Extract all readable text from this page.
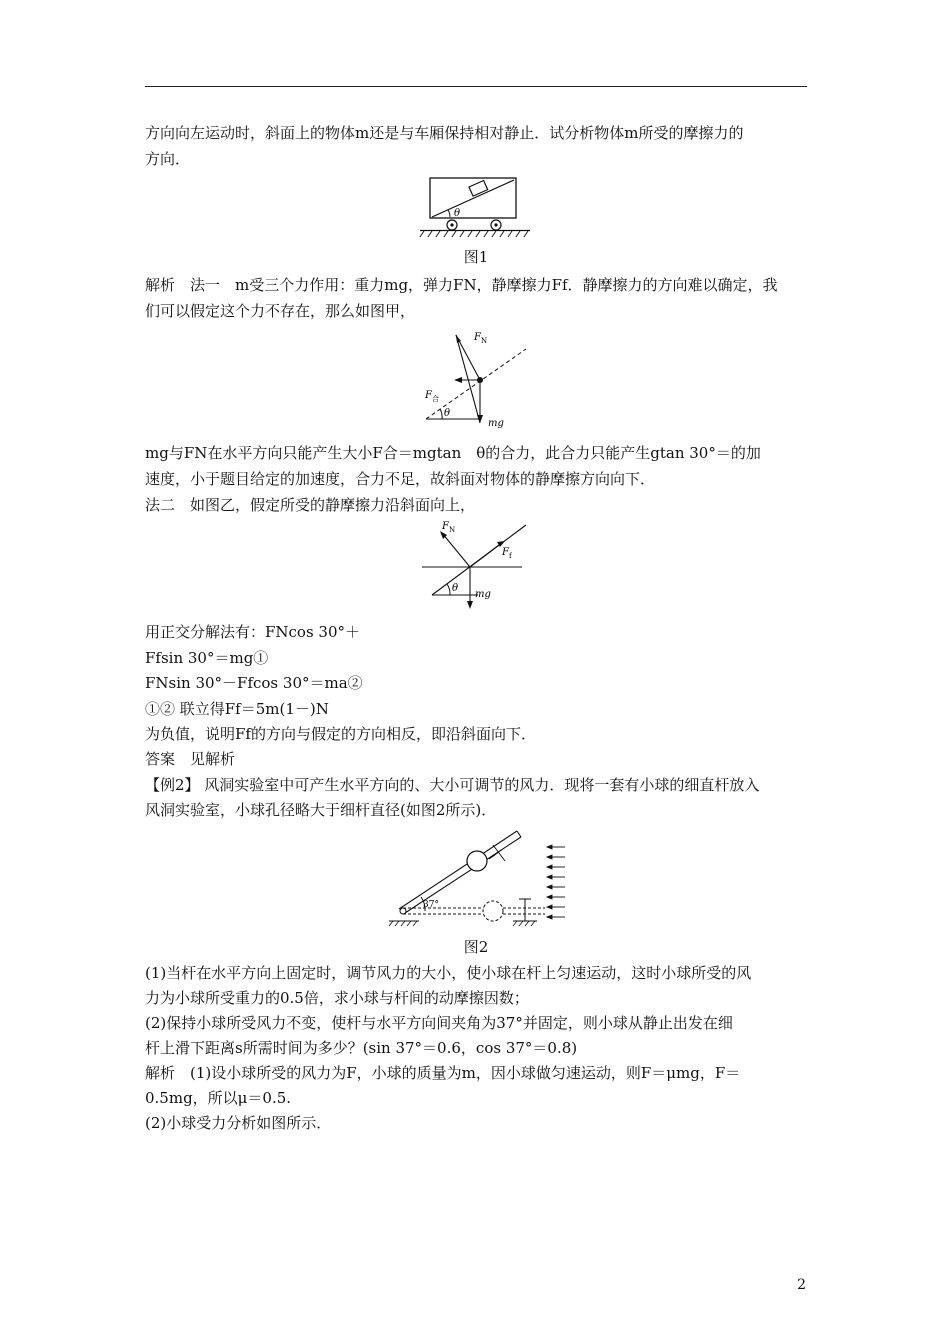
方向向左运动时，斜面上的物体m还是与车厢保持相对静止．试分析物体m所受的摩擦力的
方向．
θ
图1
解析　法一　m受三个力作用：重力mg，弹力FN，静摩擦力Ff．静摩擦力的方向难以确定，我
们可以假定这个力不存在，那么如图甲，
θ
F N
F 合
mg
mg与FN在水平方向只能产生大小F合＝mgtan　θ的合力，此合力只能产生gtan 30°＝的加
速度，小于题目给定的加速度，合力不足，故斜面对物体的静摩擦方向向下．
法二　如图乙，假定所受的静摩擦力沿斜面向上，
θ
F N
F f
mg
用正交分解法有：FNcos 30°＋
Ffsin 30°＝mg①
FNsin 30°－Ffcos 30°＝ma②
①② 联立得Ff＝5m(1－)N
为负值，说明Ff的方向与假定的方向相反，即沿斜面向下．
答案　见解析
【例2】 风洞实验室中可产生水平方向的、大小可调节的风力．现将一套有小球的细直杆放入
风洞实验室，小球孔径略大于细杆直径(如图2所示)．
37°
图2
(1)当杆在水平方向上固定时，调节风力的大小，使小球在杆上匀速运动，这时小球所受的风
力为小球所受重力的0.5倍，求小球与杆间的动摩擦因数；
(2)保持小球所受风力不变，使杆与水平方向间夹角为37°并固定，则小球从静止出发在细
杆上滑下距离s所需时间为多少？(sin 37°＝0.6，cos 37°＝0.8)
解析　(1)设小球所受的风力为F，小球的质量为m，因小球做匀速运动，则F＝μmg，F＝
0.5mg，所以μ＝0.5.
(2)小球受力分析如图所示．
2
